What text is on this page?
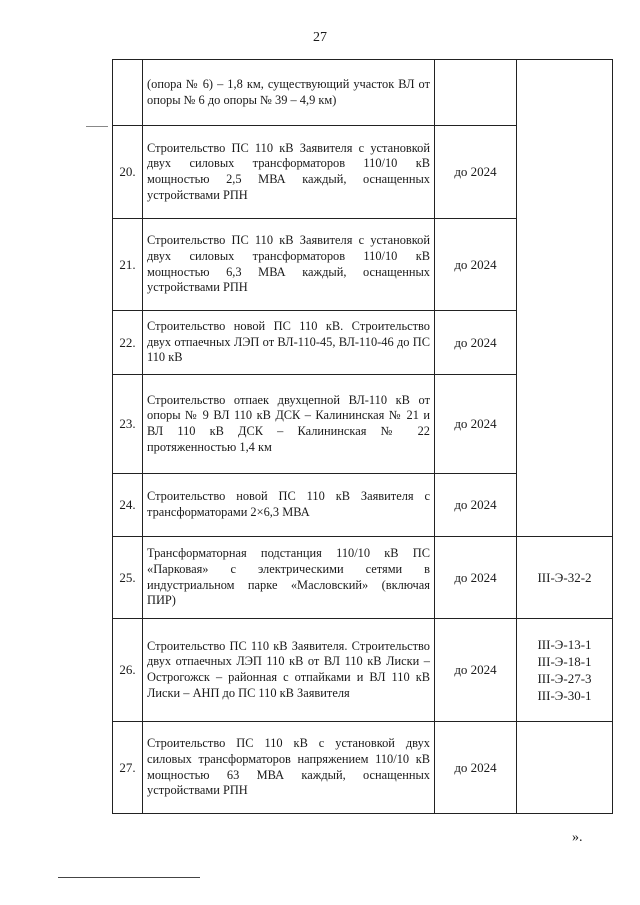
27
	(опора № 6) – 1,8 км, существующий участок ВЛ от опоры № 6 до опоры № 39 – 4,9 км)		
20.	Строительство ПС 110 кВ Заявителя с установкой двух силовых трансформаторов 110/10 кВ мощностью 2,5 МВА каждый, оснащенных устройствами РПН	до 2024	
21.	Строительство ПС 110 кВ Заявителя с установкой двух силовых трансформаторов 110/10 кВ мощностью 6,3 МВА каждый, оснащенных устройствами РПН	до 2024	
22.	Строительство новой ПС 110 кВ. Строительство двух отпаечных ЛЭП от ВЛ-110-45, ВЛ-110-46 до ПС 110 кВ	до 2024	
23.	Строительство отпаек двухцепной ВЛ-110 кВ от опоры № 9 ВЛ 110 кВ ДСК – Калининская № 21 и ВЛ 110 кВ ДСК – Калининская № 22 протяженностью 1,4 км	до 2024	
24.	Строительство новой ПС 110 кВ Заявителя с трансформаторами 2×6,3 МВА	до 2024	
25.	Трансформаторная подстанция 110/10 кВ ПС «Парковая» с электрическими сетями в индустриальном парке «Масловский» (включая ПИР)	до 2024	III-Э-32-2

26.	Строительство ПС 110 кВ Заявителя. Строительство двух отпаечных ЛЭП 110 кВ от ВЛ 110 кВ Лиски – Острогожск – районная с отпайками и ВЛ 110 кВ Лиски – АНП до ПС 110 кВ Заявителя	до 2024	III-Э-13-1
III-Э-18-1
III-Э-27-3
III-Э-30-1

27.	Строительство ПС 110 кВ с установкой двух силовых трансформаторов напряжением 110/10 кВ мощностью 63 МВА каждый, оснащенных устройствами РПН	до 2024	
».
